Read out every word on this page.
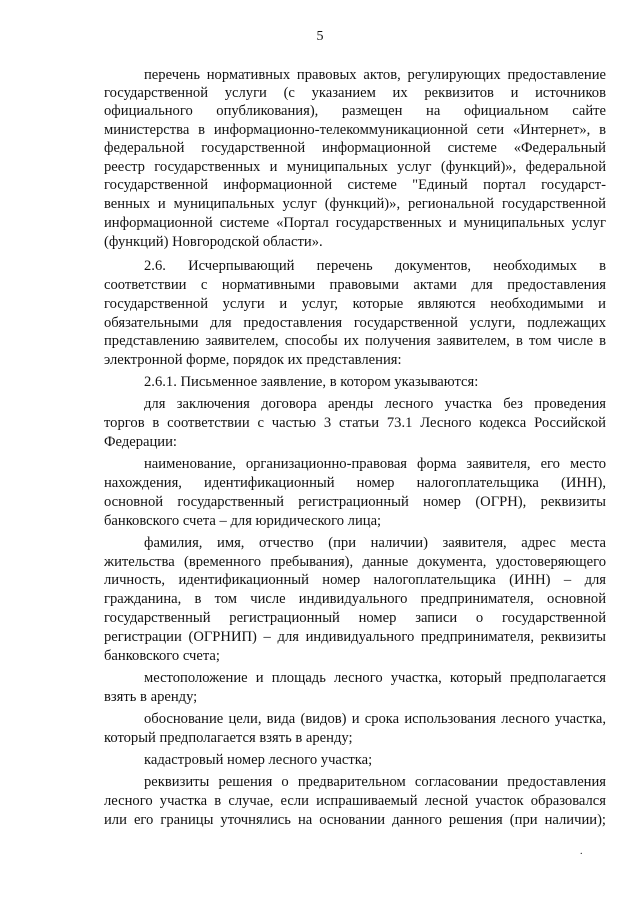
5
перечень нормативных правовых актов, регулирующих предоставление
государственной услуги (с указанием их реквизитов и источников
официального опубликования), размещен на официальном сайте
министерства в информационно-телекоммуникационной сети «Интернет», в
федеральной государственной информационной системе «Федеральный
реестр государственных и муниципальных услуг (функций)», федеральной
государственной информационной системе "Единый портал государст-
венных и муниципальных услуг (функций)», региональной государственной
информационной системе «Портал государственных и муниципальных услуг
(функций) Новгородской области».
2.6. Исчерпывающий перечень документов, необходимых в
соответствии с нормативными правовыми актами для предоставления
государственной услуги и услуг, которые являются необходимыми и
обязательными для предоставления государственной услуги, подлежащих
представлению заявителем, способы их получения заявителем, в том числе в
электронной форме, порядок их представления:
2.6.1. Письменное заявление, в котором указываются:
для заключения договора аренды лесного участка без проведения
торгов в соответствии с частью 3 статьи 73.1 Лесного кодекса Российской
Федерации:
наименование, организационно-правовая форма заявителя, его место
нахождения, идентификационный номер налогоплательщика (ИНН),
основной государственный регистрационный номер (ОГРН), реквизиты
банковского счета – для юридического лица;
фамилия, имя, отчество (при наличии) заявителя, адрес места
жительства (временного пребывания), данные документа, удостоверяющего
личность, идентификационный номер налогоплательщика (ИНН) – для
гражданина, в том числе индивидуального предпринимателя, основной
государственный регистрационный номер записи о государственной
регистрации (ОГРНИП) – для индивидуального предпринимателя, реквизиты
банковского счета;
местоположение и площадь лесного участка, который предполагается
взять в аренду;
обоснование цели, вида (видов) и срока использования лесного участка,
который предполагается взять в аренду;
кадастровый номер лесного участка;
реквизиты решения о предварительном согласовании предоставления
лесного участка в случае, если испрашиваемый лесной участок образовался
или его границы уточнялись на основании данного решения (при наличии);
.
